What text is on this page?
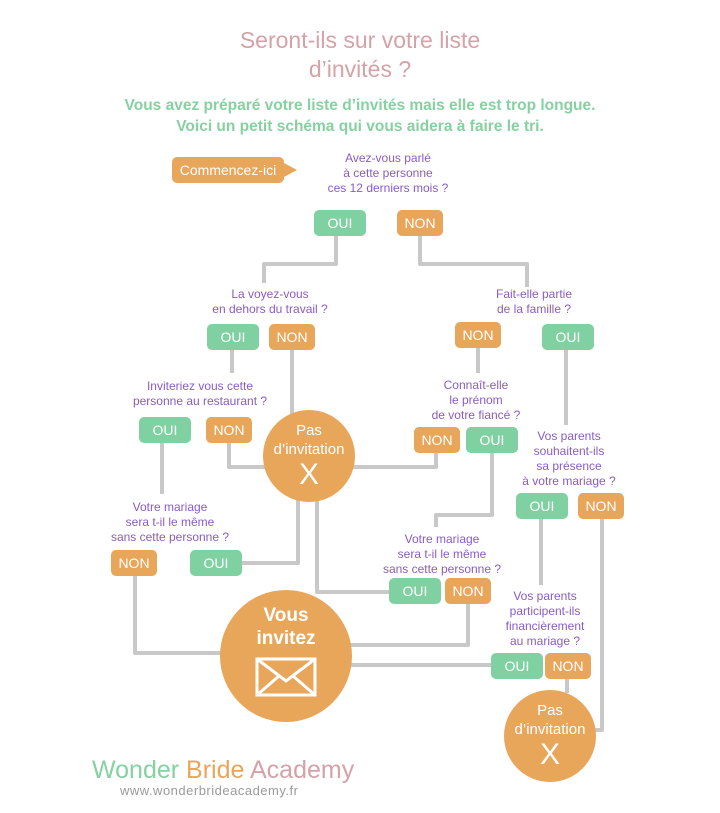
Seront-ils sur votre liste
d’invités ?
Vous avez préparé votre liste d’invités mais elle est trop longue.
Voici un petit schéma qui vous aidera à faire le tri.
Commencez-ici
Avez-vous parlé
à cette personne
ces 12 derniers mois ?
OUI	NON
La voyez-vous
en dehors du travail ?
OUI	NON
Fait-elle partie
de la famille ?
NON	OUI
Inviteriez vous cette
personne au restaurant ?
OUI	NON
Connaît-elle
le prénom
de votre fiancé ?
NON	OUI	Vos parents
souhaitent-ils
sa présence
à votre mariage ?
OUI	NON
Votre mariage
sera t-il le même
sans cette personne ?
NON	OUI
Votre mariage
sera t-il le même
sans cette personne ?
OUI	NON	Vos parents
participent-ils
financièrement
au mariage ?
OUI	NON
Pas
d’invitation
X
Vous
invitez
Pas
d’invitation
X
Wonder Bride Academy
www.wonderbrideacademy.fr
